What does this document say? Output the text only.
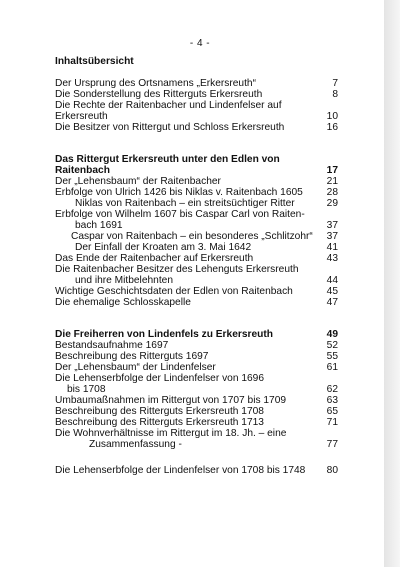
- 4 -
Inhaltsübersicht
Der Ursprung des Ortsnamens „Erkersreuth“	7
Die Sonderstellung des Ritterguts Erkersreuth	8
Die Rechte der Raitenbacher und Lindenfelser auf
Erkersreuth	10
Die Besitzer von Rittergut und Schloss Erkersreuth	16
Das Rittergut Erkersreuth unter den Edlen von
Raitenbach	17
Der „Lehensbaum“ der Raitenbacher	21
Erbfolge von Ulrich 1426 bis Niklas v. Raitenbach 1605	28
Niklas von Raitenbach – ein streitsüchtiger Ritter	29
Erbfolge von Wilhelm 1607 bis Caspar Carl von Raiten-
bach 1691	37
Caspar von Raitenbach – ein besonderes „Schlitzohr“	37
Der Einfall der Kroaten am 3. Mai 1642	41
Das Ende der Raitenbacher auf Erkersreuth	43
Die Raitenbacher Besitzer des Lehenguts Erkersreuth
und ihre Mitbelehnten	44
Wichtige Geschichtsdaten der Edlen von Raitenbach	45
Die ehemalige Schlosskapelle	47
Die Freiherren von Lindenfels zu Erkersreuth	49
Bestandsaufnahme 1697	52
Beschreibung des Ritterguts 1697	55
Der „Lehensbaum“ der Lindenfelser	61
Die Lehenserbfolge der Lindenfelser von 1696
bis 1708	62
Umbaumaßnahmen im Rittergut von 1707 bis 1709	63
Beschreibung des Ritterguts Erkersreuth 1708	65
Beschreibung des Ritterguts Erkersreuth 1713	71
Die Wohnverhältnisse im Rittergut im 18. Jh. – eine
Zusammenfassung -	77
Die Lehenserbfolge der Lindenfelser von 1708 bis 1748	80
